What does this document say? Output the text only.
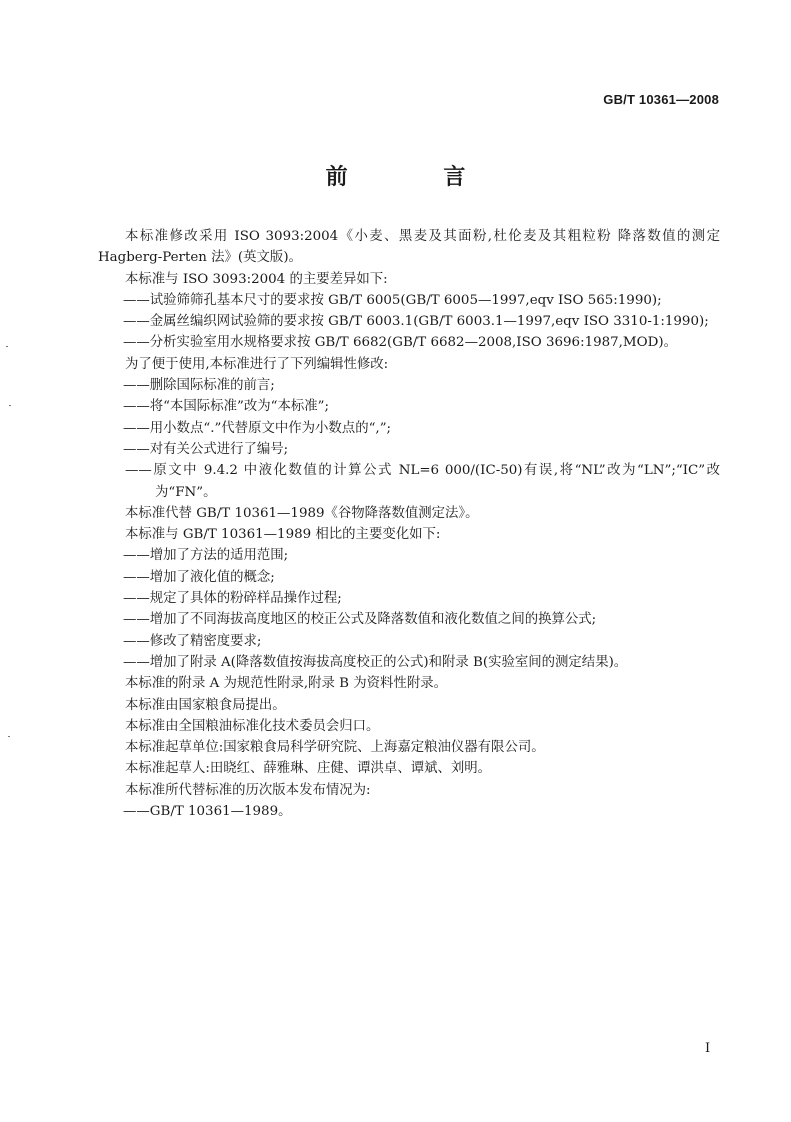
GB/T 10361—2008
前 言

本标准修改采用 ISO 3093:2004《小麦、黑麦及其面粉,杜伦麦及其粗粒粉 降落数值的测定 Hagberg-Perten 法》(英文版)。

本标准与 ISO 3093:2004 的主要差异如下:

——试验筛筛孔基本尺寸的要求按 GB/T 6005(GB/T 6005—1997,eqv ISO 565:1990);

——金属丝编织网试验筛的要求按 GB/T 6003.1(GB/T 6003.1—1997,eqv ISO 3310-1:1990);

——分析实验室用水规格要求按 GB/T 6682(GB/T 6682—2008,ISO 3696:1987,MOD)。

为了便于使用,本标准进行了下列编辑性修改:

——删除国际标准的前言;

——将“本国际标准”改为“本标准”;

——用小数点“.”代替原文中作为小数点的“,”;

——对有关公式进行了编号;

——原文中 9.4.2 中液化数值的计算公式 NL=6 000/(IC-50)有误,将“NL”改为“LN”;“IC”改为“FN”。

本标准代替 GB/T 10361—1989《谷物降落数值测定法》。

本标准与 GB/T 10361—1989 相比的主要变化如下:

——增加了方法的适用范围;

——增加了液化值的概念;

——规定了具体的粉碎样品操作过程;

——增加了不同海拔高度地区的校正公式及降落数值和液化数值之间的换算公式;

——修改了精密度要求;

——增加了附录 A(降落数值按海拔高度校正的公式)和附录 B(实验室间的测定结果)。

本标准的附录 A 为规范性附录,附录 B 为资料性附录。

本标准由国家粮食局提出。

本标准由全国粮油标准化技术委员会归口。

本标准起草单位:国家粮食局科学研究院、上海嘉定粮油仪器有限公司。

本标准起草人:田晓红、薛雅琳、庄健、谭洪卓、谭斌、刘明。

本标准所代替标准的历次版本发布情况为:

——GB/T 10361—1989。

I
